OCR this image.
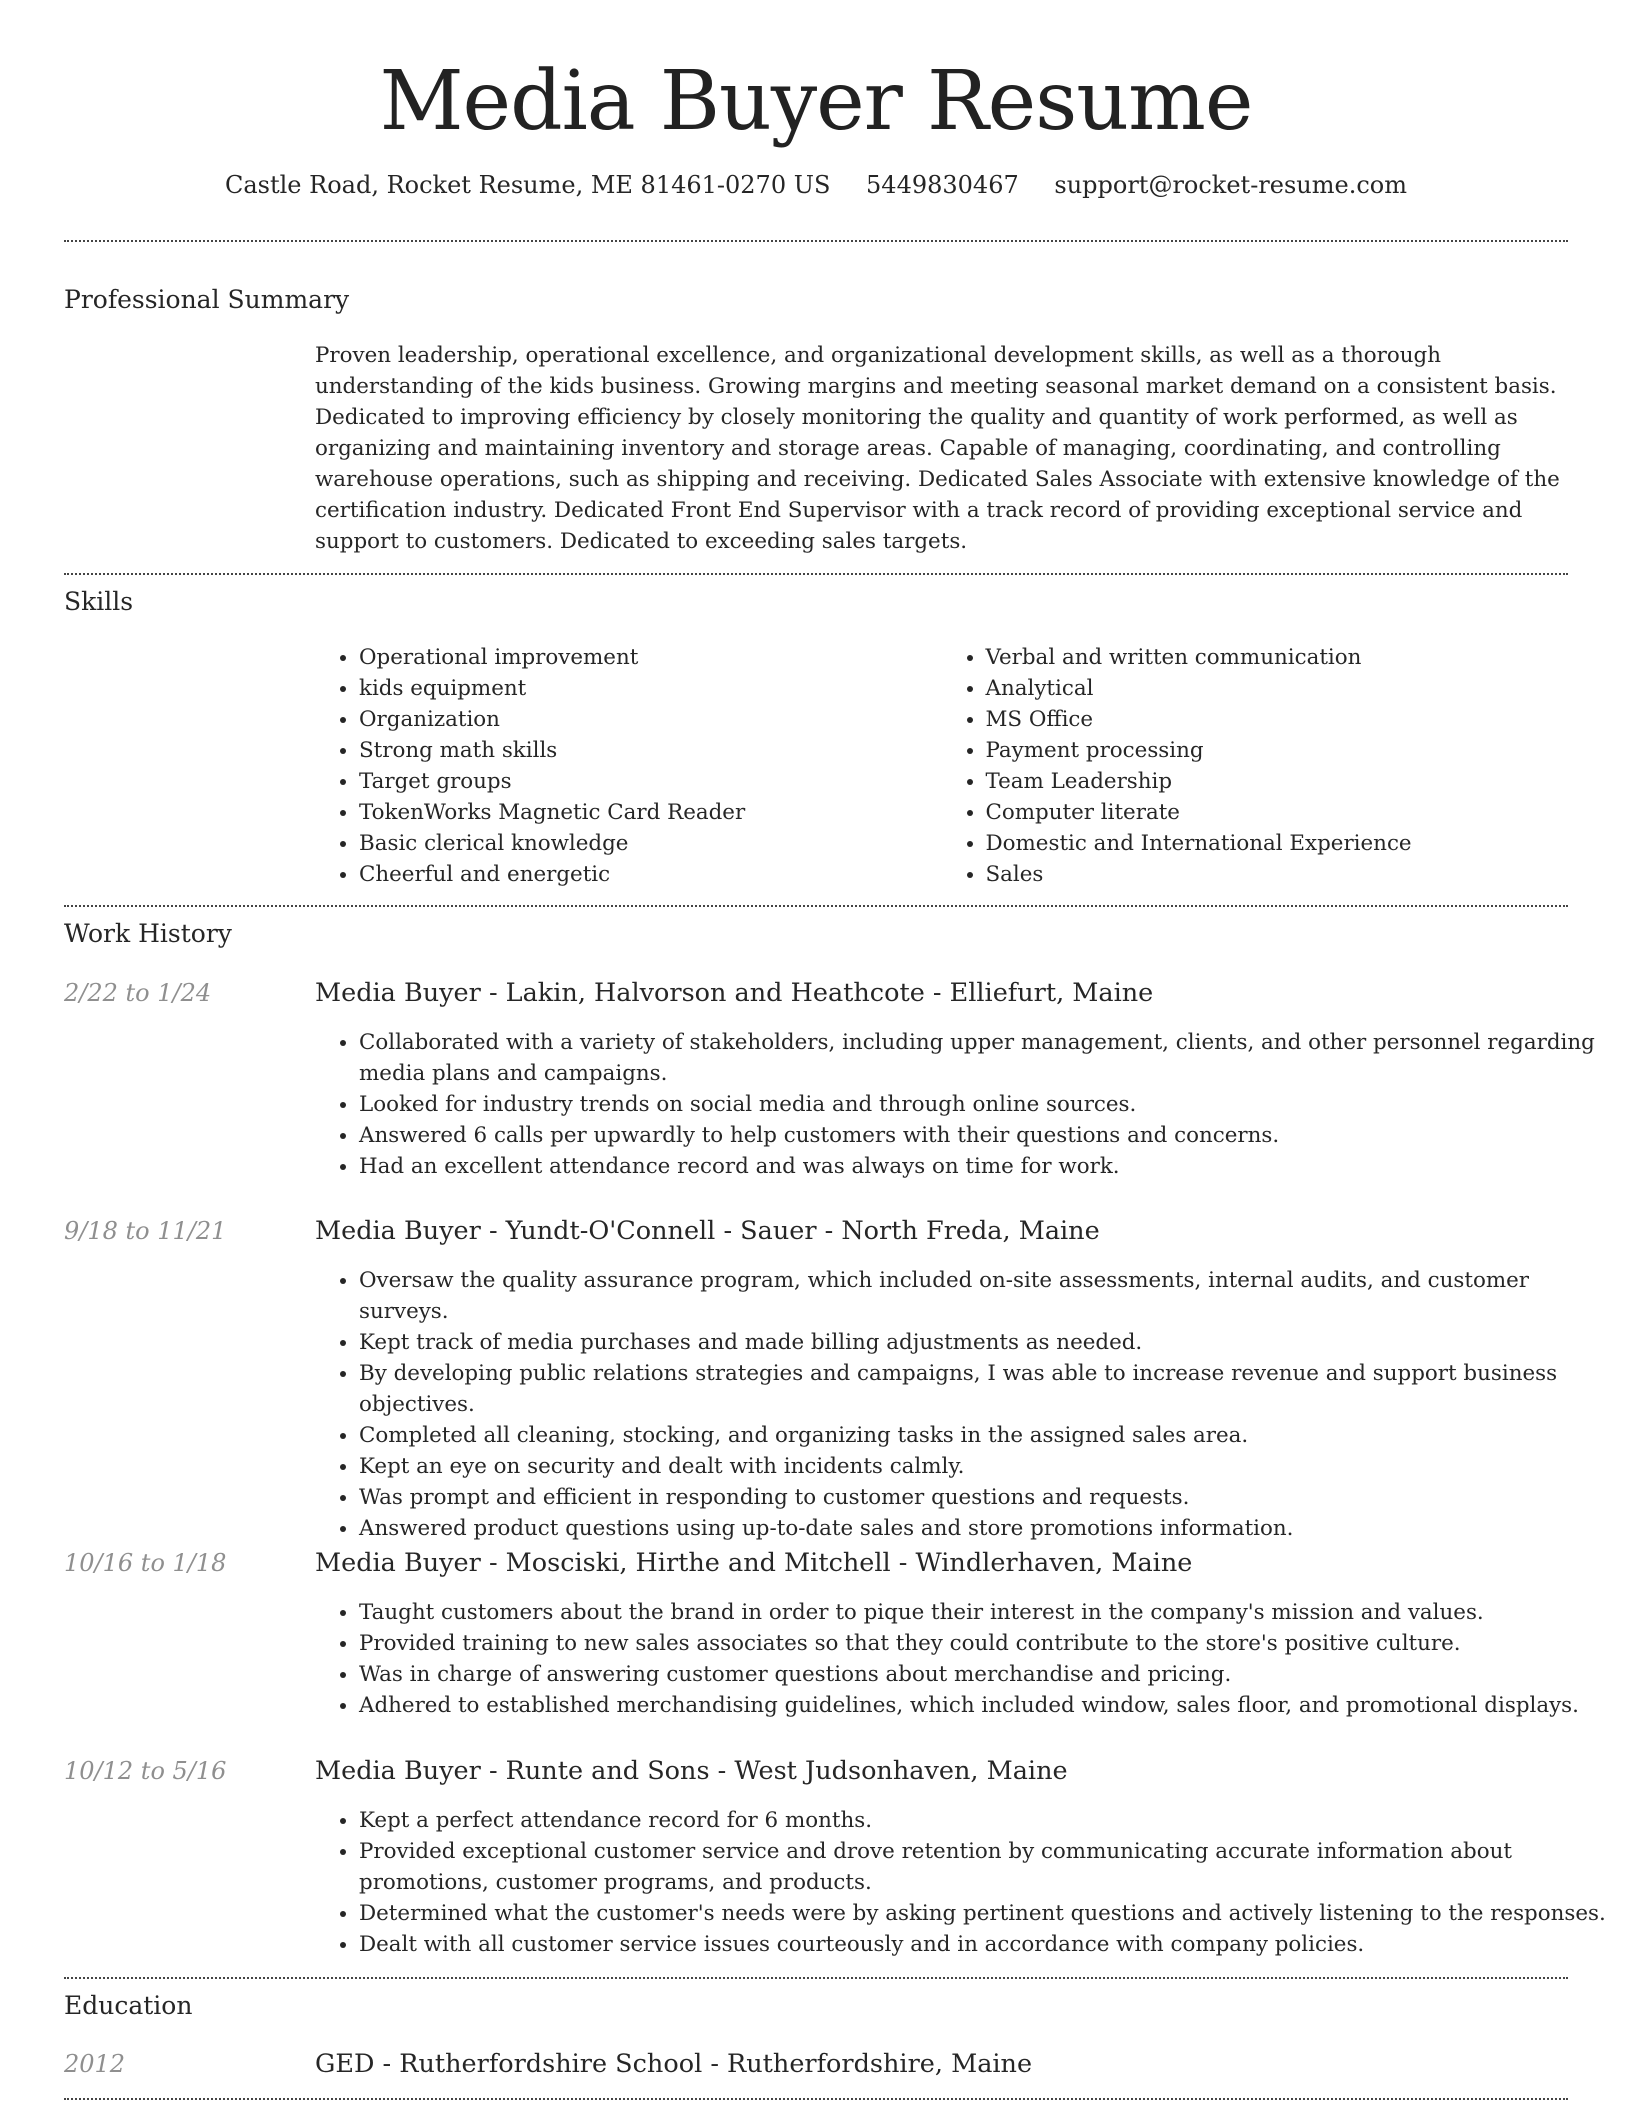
Media Buyer Resume
Castle Road, Rocket Resume, ME 81461-0270 US 5449830467 support@rocket-resume.com
Professional Summary
Proven leadership, operational excellence, and organizational development skills, as well as a thorough understanding of the kids business. Growing margins and meeting seasonal market demand on a consistent basis. Dedicated to improving efficiency by closely monitoring the quality and quantity of work performed, as well as organizing and maintaining inventory and storage areas. Capable of managing, coordinating, and controlling warehouse operations, such as shipping and receiving. Dedicated Sales Associate with extensive knowledge of the certification industry. Dedicated Front End Supervisor with a track record of providing exceptional service and support to customers. Dedicated to exceeding sales targets.
Skills
• Operational improvement
• kids equipment
• Organization
• Strong math skills
• Target groups
• TokenWorks Magnetic Card Reader
• Basic clerical knowledge
• Cheerful and energetic
• Verbal and written communication
• Analytical
• MS Office
• Payment processing
• Team Leadership
• Computer literate
• Domestic and International Experience
• Sales
Work History
2/22 to 1/24	Media Buyer - Lakin, Halvorson and Heathcote - Elliefurt, Maine
• Collaborated with a variety of stakeholders, including upper management, clients, and other personnel regarding media plans and campaigns.
• Looked for industry trends on social media and through online sources.
• Answered 6 calls per upwardly to help customers with their questions and concerns.
• Had an excellent attendance record and was always on time for work.
9/18 to 11/21	Media Buyer - Yundt-O'Connell - Sauer - North Freda, Maine
• Oversaw the quality assurance program, which included on-site assessments, internal audits, and customer surveys.
• Kept track of media purchases and made billing adjustments as needed.
• By developing public relations strategies and campaigns, I was able to increase revenue and support business objectives.
• Completed all cleaning, stocking, and organizing tasks in the assigned sales area.
• Kept an eye on security and dealt with incidents calmly.
• Was prompt and efficient in responding to customer questions and requests.
• Answered product questions using up-to-date sales and store promotions information.
10/16 to 1/18	Media Buyer - Mosciski, Hirthe and Mitchell - Windlerhaven, Maine
• Taught customers about the brand in order to pique their interest in the company's mission and values.
• Provided training to new sales associates so that they could contribute to the store's positive culture.
• Was in charge of answering customer questions about merchandise and pricing.
• Adhered to established merchandising guidelines, which included window, sales floor, and promotional displays.
10/12 to 5/16	Media Buyer - Runte and Sons - West Judsonhaven, Maine
• Kept a perfect attendance record for 6 months.
• Provided exceptional customer service and drove retention by communicating accurate information about promotions, customer programs, and products.
• Determined what the customer's needs were by asking pertinent questions and actively listening to the responses.
• Dealt with all customer service issues courteously and in accordance with company policies.
Education
2012	GED - Rutherfordshire School - Rutherfordshire, Maine
